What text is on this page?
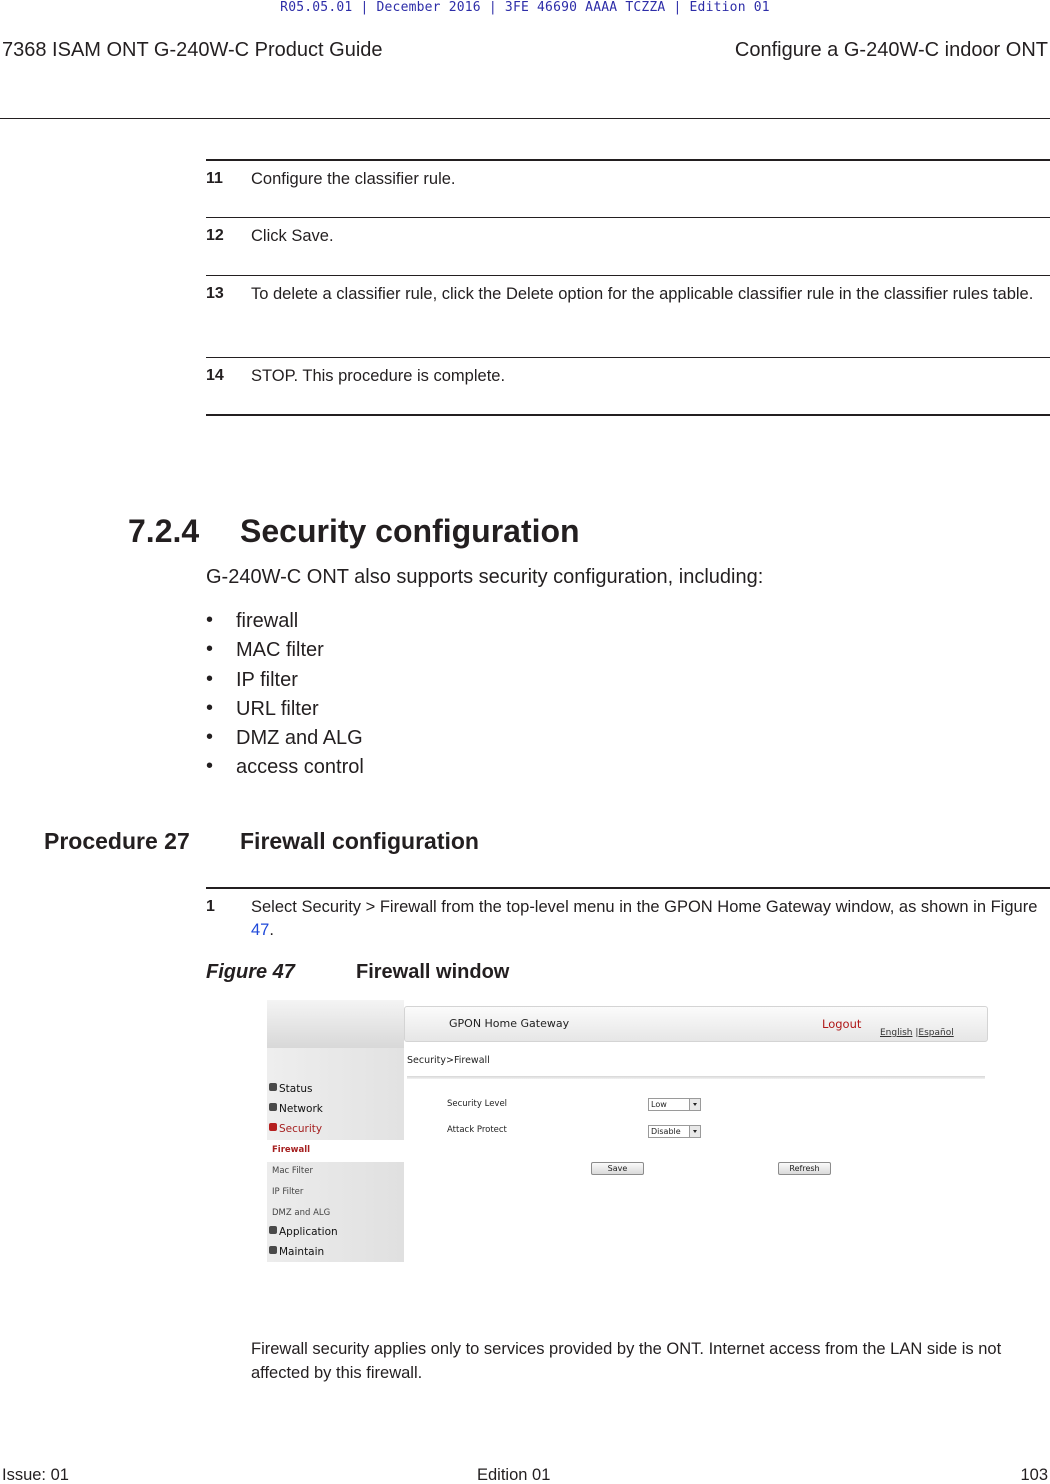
R05.05.01 | December 2016 | 3FE 46690 AAAA TCZZA | Edition 01
7368 ISAM ONT G-240W-C Product Guide	Configure a G-240W-C indoor ONT
11 Configure the classifier rule.
12 Click Save.
13 To delete a classifier rule, click the Delete option for the applicable classifier rule in the classifier rules table.
14 STOP. This procedure is complete.
7.2.4 Security configuration
G-240W-C ONT also supports security configuration, including:
• firewall
• MAC filter
• IP filter
• URL filter
• DMZ and ALG
• access control
Procedure 27 Firewall configuration
1 Select Security > Firewall from the top-level menu in the GPON Home Gateway window, as shown in Figure 47.
Figure 47	Firewall window
GPON Home Gateway	Logout
English |Español
Security>Firewall
Status
Network
Security
Firewall
Mac Filter
IP Filter
DMZ and ALG
Application
Maintain
Security Level	Low
Attack Protect	Disable
Save	Refresh
Firewall security applies only to services provided by the ONT. Internet access from the LAN side is not affected by this firewall.
Issue: 01	Edition 01	103
